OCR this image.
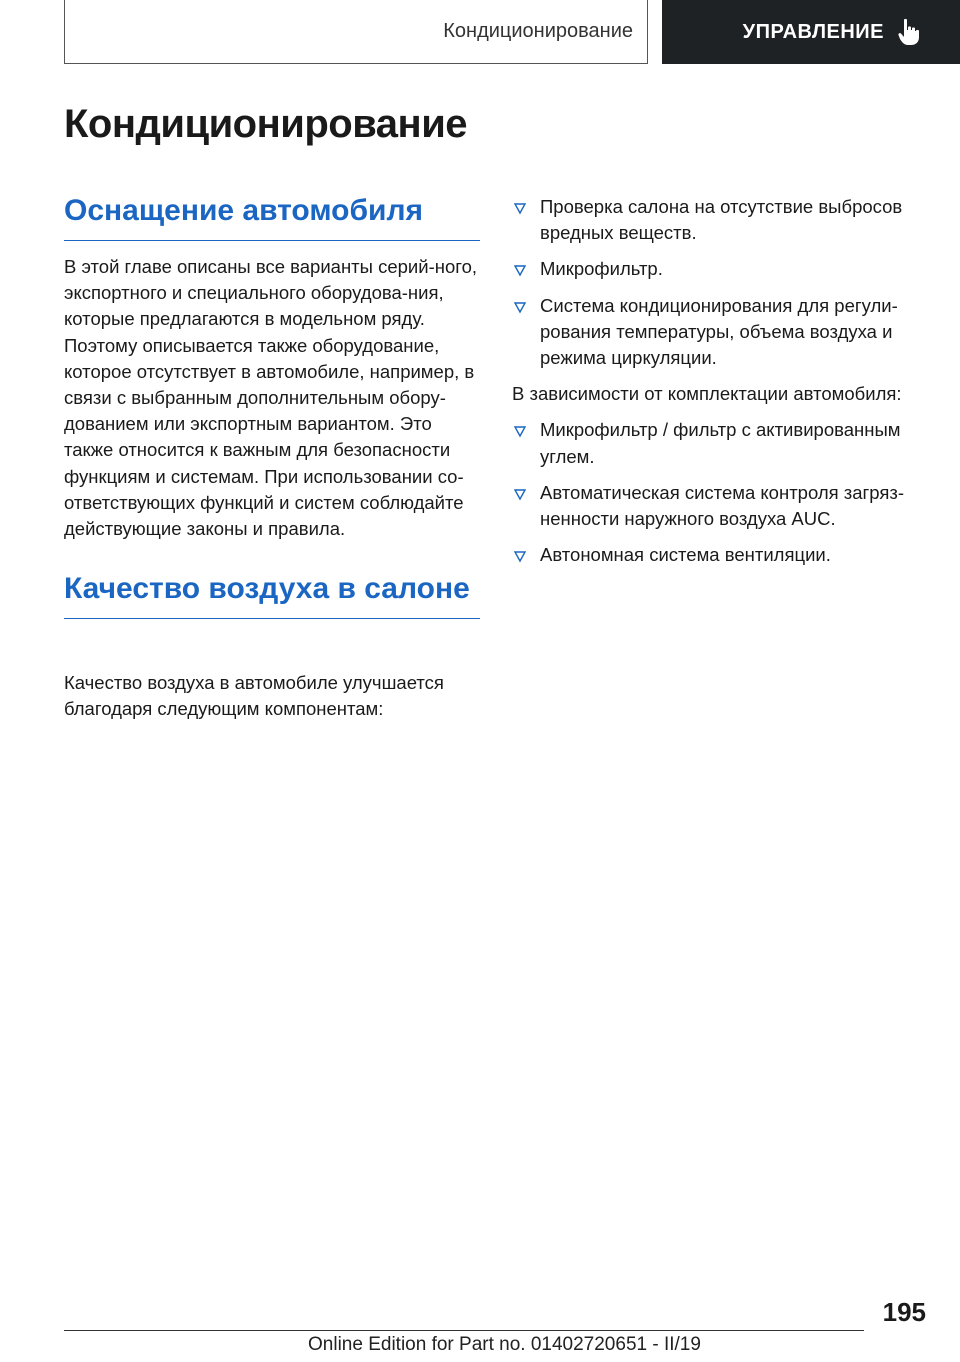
Кондиционирование	УПРАВЛЕНИЕ
Кондиционирование
Оснащение автомобиля

В этой главе описаны все варианты серий-ного, экспортного и специального оборудова-ния, которые предлагаются в модельном ряду. Поэтому описывается также оборудование, которое отсутствует в автомобиле, например, в связи с выбранным дополнительным обору-дованием или экспортным вариантом. Это также относится к важным для безопасности функциям и системам. При использовании со-ответствующих функций и систем соблюдайте действующие законы и правила.

Качество воздуха в салоне

Качество воздуха в автомобиле улучшается благодаря следующим компонентам:

Проверка салона на отсутствие выбросов вредных веществ.
Микрофильтр.
Система кондиционирования для регули-рования температуры, объема воздуха и режима циркуляции.

В зависимости от комплектации автомобиля:

Микрофильтр / фильтр с активированным углем.
Автоматическая система контроля загряз-ненности наружного воздуха AUC.
Автономная система вентиляции.
195
Online Edition for Part no. 01402720651 - II/19
